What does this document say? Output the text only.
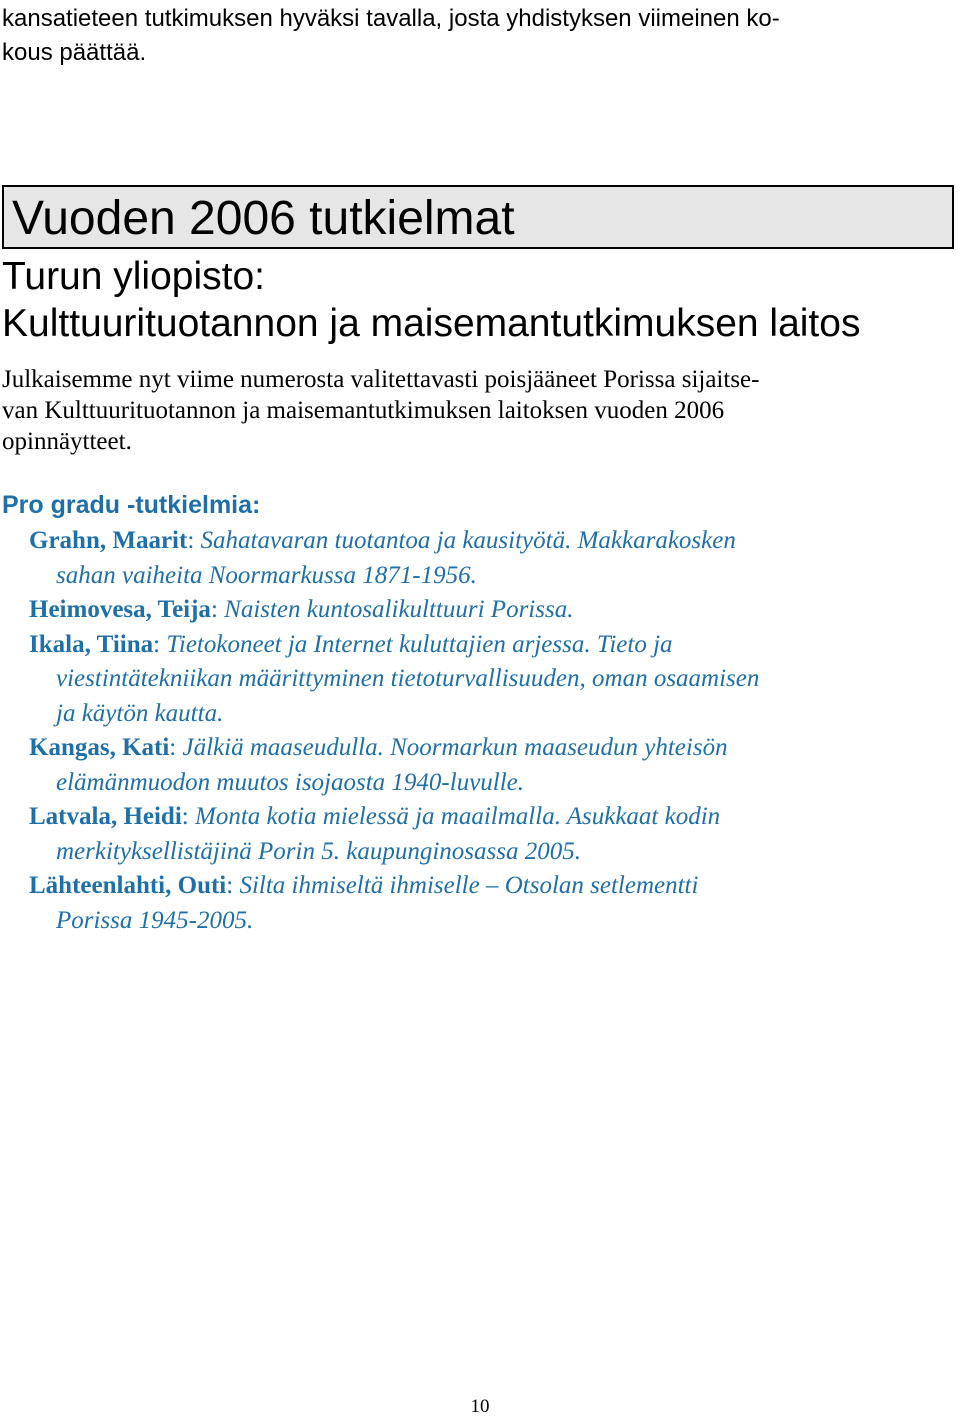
kansatieteen tutkimuksen hyväksi tavalla, josta yhdistyksen viimeinen ko-
kous päättää.
Vuoden 2006 tutkielmat
Turun yliopisto:
Kulttuurituotannon ja maisemantutkimuksen laitos
Julkaisemme nyt viime numerosta valitettavasti poisjääneet Porissa sijaitse-
van Kulttuurituotannon ja maisemantutkimuksen laitoksen vuoden 2006
opinnäytteet.
Pro gradu -tutkielmia:
Grahn, Maarit: Sahatavaran tuotantoa ja kausityötä. Makkarakosken
sahan vaiheita Noormarkussa 1871-1956.
Heimovesa, Teija: Naisten kuntosalikulttuuri Porissa.
Ikala, Tiina: Tietokoneet ja Internet kuluttajien arjessa. Tieto ja
viestintätekniikan määrittyminen tietoturvallisuuden, oman osaamisen
ja käytön kautta.
Kangas, Kati: Jälkiä maaseudulla. Noormarkun maaseudun yhteisön
elämänmuodon muutos isojaosta 1940-luvulle.
Latvala, Heidi: Monta kotia mielessä ja maailmalla. Asukkaat kodin
merkityksellistäjinä Porin 5. kaupunginosassa 2005.
Lähteenlahti, Outi: Silta ihmiseltä ihmiselle – Otsolan setlementti
Porissa 1945-2005.
10
